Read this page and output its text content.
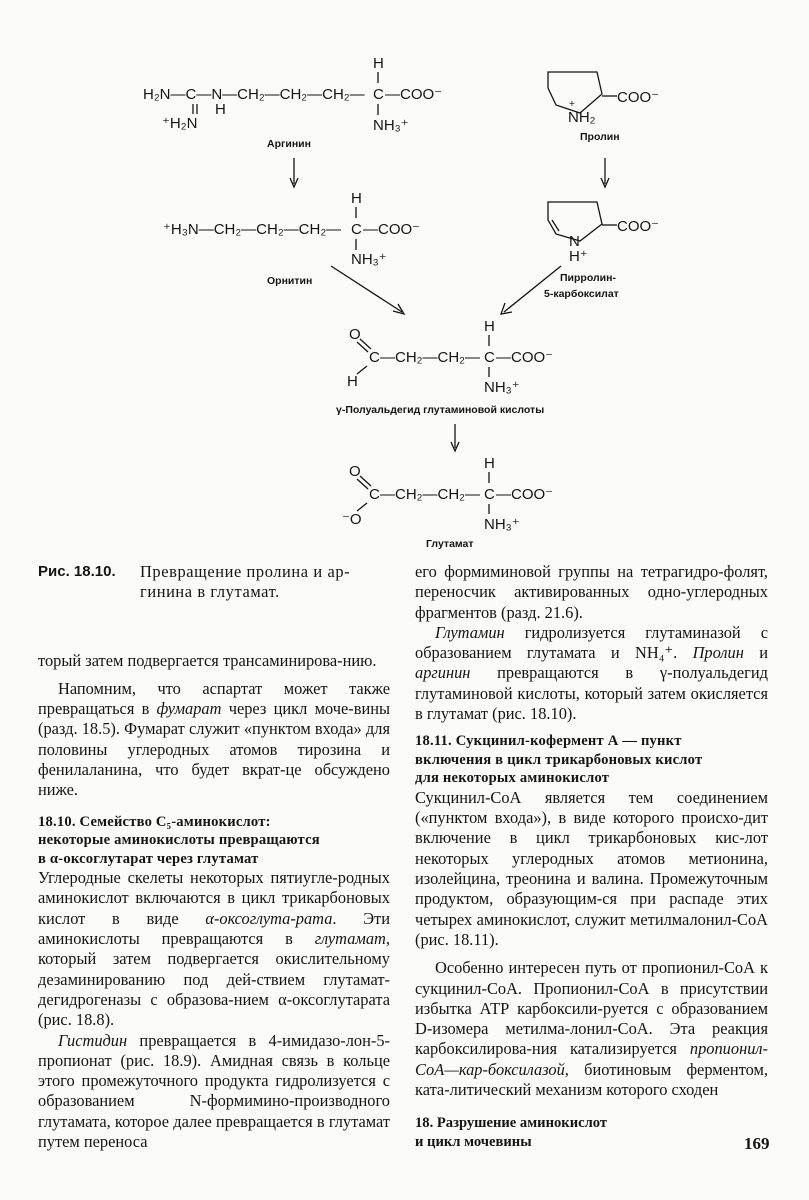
H
H₂N—C—N—CH₂—CH₂—CH₂— C —COO⁻
H
⁺H₂N	NH₃⁺
Аргинин
COO⁻
+
NH₂
Пролин
H
⁺H₃N—CH₂—CH₂—CH₂— C —COO⁻
NH₃⁺
Орнитин
COO⁻
N
H⁺
Пирролин-
5-карбоксилат
H
O
C —CH₂—CH₂— C —COO⁻
H	NH₃⁺
γ-Полуальдегид глутаминовой кислоты
H
O
C —CH₂—CH₂— C —COO⁻
⁻O	NH₃⁺
Глутамат
Рис. 18.10.	Превращение пролина и ар-
гинина в глутамат.

торый затем подвергается трансаминирова-нию.

Напомним, что аспартат может также превращаться в фумарат через цикл моче-вины (разд. 18.5). Фумарат служит «пунктом входа» для половины углеродных атомов тирозина и фенилаланина, что будет вкрат-це обсуждено ниже.

18.10. Семейство C₅-аминокислот:
некоторые аминокислоты превращаются
в α-оксоглутарат через глутамат

Углеродные скелеты некоторых пятиугле-родных аминокислот включаются в цикл трикарбоновых кислот в виде α-оксоглута-рата. Эти аминокислоты превращаются в глутамат, который затем подвергается окислительному дезаминированию под дей-ствием глутамат-дегидрогеназы с образова-нием α-оксоглутарата (рис. 18.8).

Гистидин превращается в 4-имидазо-лон-5-пропионат (рис. 18.9). Амидная связь в кольце этого промежуточного продукта гидролизуется с образованием N-формимино-производного глутамата, которое далее превращается в глутамат путем переноса

его формиминовой группы на тетрагидро-фолят, переносчик активированных одно-углеродных фрагментов (разд. 21.6).

Глутамин гидролизуется глутаминазой с образованием глутамата и NH₄⁺. Пролин и аргинин превращаются в γ-полуальдегид глутаминовой кислоты, который затем окисляется в глутамат (рис. 18.10).

18.11. Сукцинил-кофермент А — пункт
включения в цикл трикарбоновых кислот
для некоторых аминокислот

Сукцинил-СоА является тем соединением («пунктом входа»), в виде которого происхо-дит включение в цикл трикарбоновых кис-лот некоторых углеродных атомов метионина, изолейцина, треонина и валина. Промежуточным продуктом, образующим-ся при распаде этих четырех аминокислот, служит метилмалонил-СоА (рис. 18.11).

Особенно интересен путь от пропионил-СоА к сукцинил-СоА. Пропионил-СоА в присутствии избытка АТР карбоксили-руется с образованием D-изомера метилма-лонил-СоА. Эта реакция карбоксилирова-ния катализируется пропионил-СоА—кар-боксилазой, биотиновым ферментом, ката-литический механизм которого сходен

18. Разрушение аминокислот
и цикл мочевины	169
